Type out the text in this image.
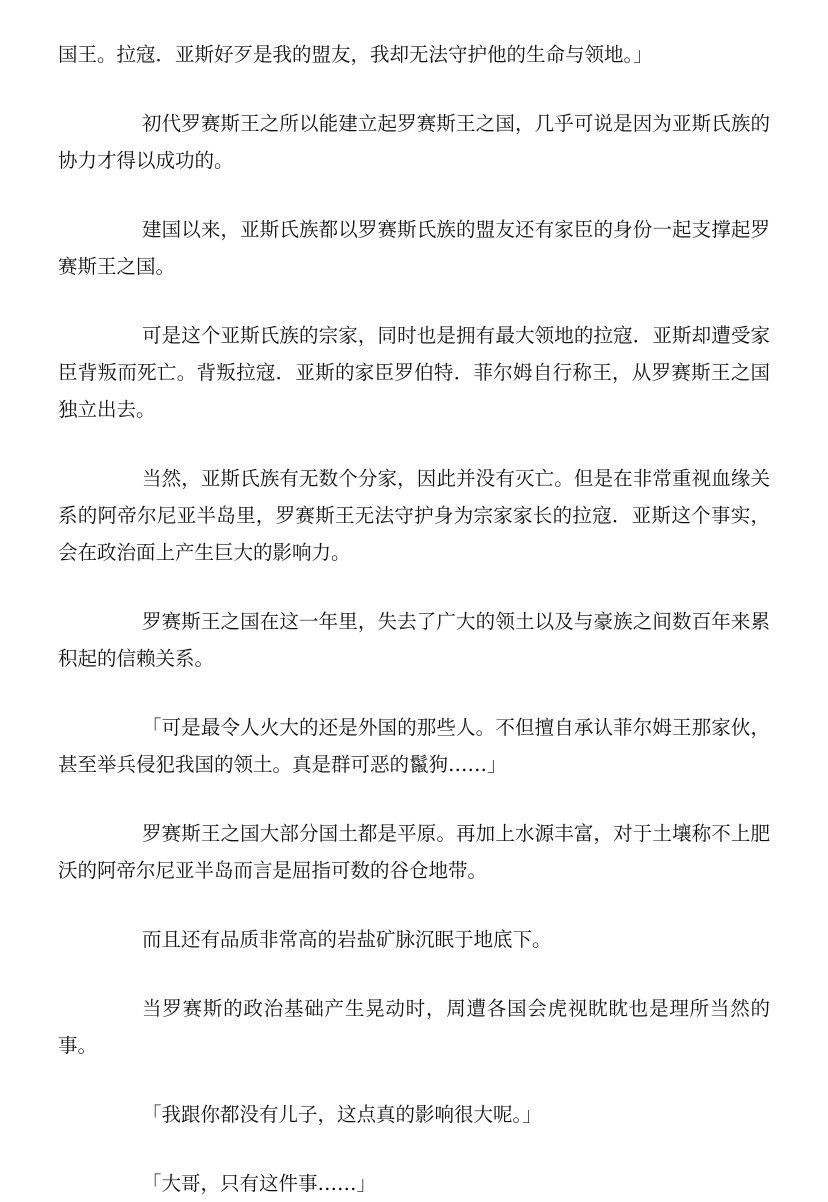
国王。拉寇．亚斯好歹是我的盟友，我却无法守护他的生命与领地。」

初代罗赛斯王之所以能建立起罗赛斯王之国，几乎可说是因为亚斯氏族的协力才得以成功的。

建国以来，亚斯氏族都以罗赛斯氏族的盟友还有家臣的身份一起支撑起罗赛斯王之国。

可是这个亚斯氏族的宗家，同时也是拥有最大领地的拉寇．亚斯却遭受家臣背叛而死亡。背叛拉寇．亚斯的家臣罗伯特．菲尔姆自行称王，从罗赛斯王之国独立出去。

当然，亚斯氏族有无数个分家，因此并没有灭亡。但是在非常重视血缘关系的阿帝尔尼亚半岛里，罗赛斯王无法守护身为宗家家长的拉寇．亚斯这个事实，会在政治面上产生巨大的影响力。

罗赛斯王之国在这一年里，失去了广大的领土以及与豪族之间数百年来累积起的信赖关系。

「可是最令人火大的还是外国的那些人。不但擅自承认菲尔姆王那家伙，甚至举兵侵犯我国的领土。真是群可恶的鬣狗……」

罗赛斯王之国大部分国土都是平原。再加上水源丰富，对于土壤称不上肥沃的阿帝尔尼亚半岛而言是屈指可数的谷仓地带。

而且还有品质非常高的岩盐矿脉沉眠于地底下。

当罗赛斯的政治基础产生晃动时，周遭各国会虎视眈眈也是理所当然的事。

「我跟你都没有儿子，这点真的影响很大呢。」

「大哥，只有这件事……」
